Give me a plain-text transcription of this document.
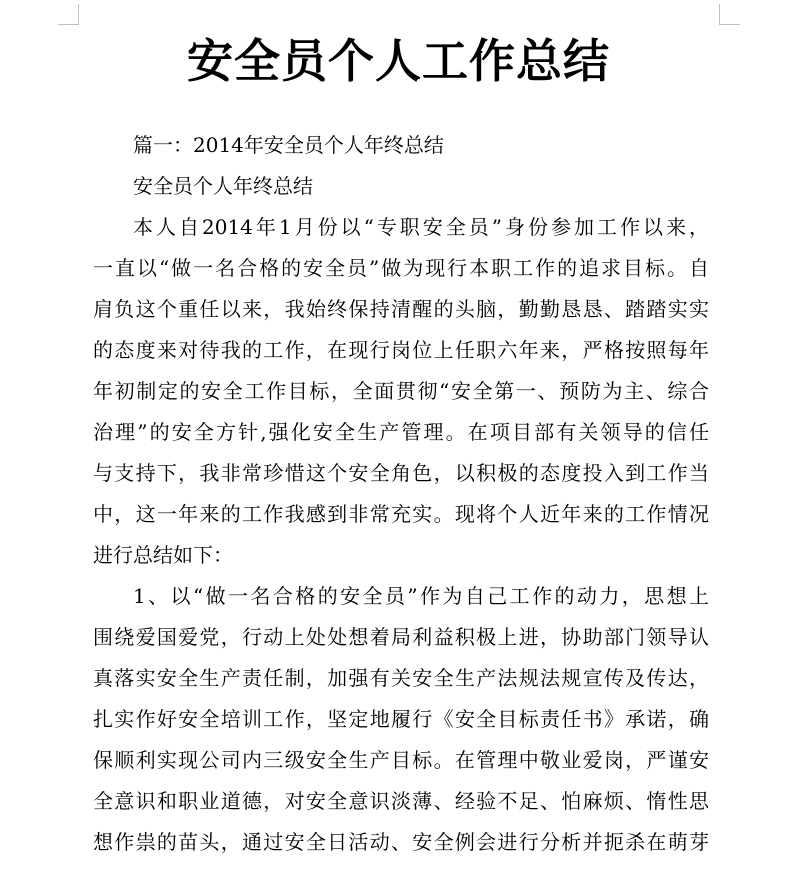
安全员个人工作总结
篇一：2014年安全员个人年终总结
安全员个人年终总结
本人自2014年1月份以“专职安全员”身份参加工作以来，
一直以“做一名合格的安全员”做为现行本职工作的追求目标。自
肩负这个重任以来，我始终保持清醒的头脑，勤勤恳恳、踏踏实实
的态度来对待我的工作，在现行岗位上任职六年来，严格按照每年
年初制定的安全工作目标，全面贯彻“安全第一、预防为主、综合
治理”的安全方针,强化安全生产管理。在项目部有关领导的信任
与支持下，我非常珍惜这个安全角色，以积极的态度投入到工作当
中，这一年来的工作我感到非常充实。现将个人近年来的工作情况
进行总结如下：
1、以“做一名合格的安全员”作为自己工作的动力，思想上
围绕爱国爱党，行动上处处想着局利益积极上进，协助部门领导认
真落实安全生产责任制，加强有关安全生产法规法规宣传及传达，
扎实作好安全培训工作，坚定地履行《安全目标责任书》承诺，确
保顺利实现公司内三级安全生产目标。在管理中敬业爱岗，严谨安
全意识和职业道德，对安全意识淡薄、经验不足、怕麻烦、惰性思
想作祟的苗头，通过安全日活动、安全例会进行分析并扼杀在萌芽
